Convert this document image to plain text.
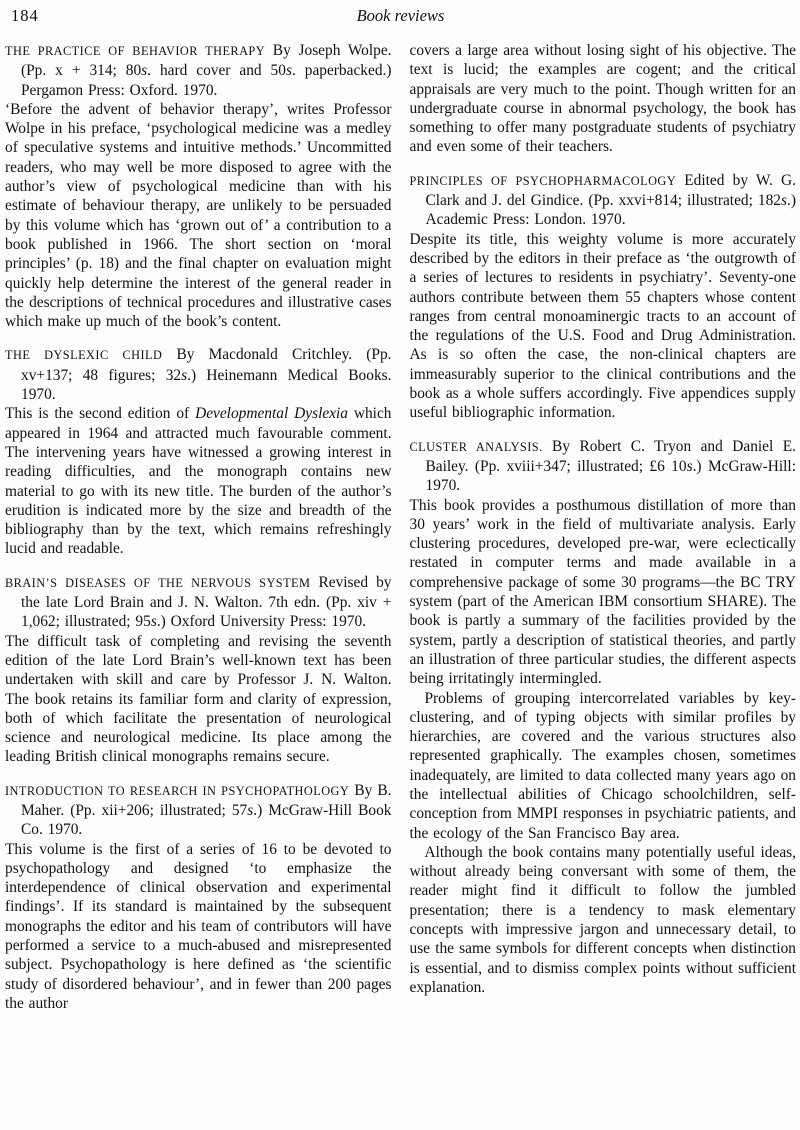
184	Book reviews

THE PRACTICE OF BEHAVIOR THERAPY By Joseph Wolpe. (Pp. x + 314; 80s. hard cover and 50s. paperbacked.) Pergamon Press: Oxford. 1970.

‘Before the advent of behavior therapy’, writes Professor Wolpe in his preface, ‘psychological medicine was a medley of speculative systems and intuitive methods.’ Uncommitted readers, who may well be more disposed to agree with the author’s view of psychological medicine than with his estimate of behaviour therapy, are unlikely to be persuaded by this volume which has ‘grown out of’ a contribution to a book published in 1966. The short section on ‘moral principles’ (p. 18) and the final chapter on evaluation might quickly help determine the interest of the general reader in the descriptions of technical procedures and illustrative cases which make up much of the book’s content.

THE DYSLEXIC CHILD By Macdonald Critchley. (Pp. xv+137; 48 figures; 32s.) Heinemann Medical Books. 1970.

This is the second edition of Developmental Dyslexia which appeared in 1964 and attracted much favourable comment. The intervening years have witnessed a growing interest in reading difficulties, and the monograph contains new material to go with its new title. The burden of the author’s erudition is indicated more by the size and breadth of the bibliography than by the text, which remains refreshingly lucid and readable.

BRAIN’S DISEASES OF THE NERVOUS SYSTEM Revised by the late Lord Brain and J. N. Walton. 7th edn. (Pp. xiv + 1,062; illustrated; 95s.) Oxford University Press: 1970.

The difficult task of completing and revising the seventh edition of the late Lord Brain’s well-known text has been undertaken with skill and care by Professor J. N. Walton. The book retains its familiar form and clarity of expression, both of which facilitate the presentation of neurological science and neurological medicine. Its place among the leading British clinical monographs remains secure.

INTRODUCTION TO RESEARCH IN PSYCHOPATHOLOGY By B. Maher. (Pp. xii+206; illustrated; 57s.) McGraw-Hill Book Co. 1970.

This volume is the first of a series of 16 to be devoted to psychopathology and designed ‘to emphasize the interdependence of clinical observation and experimental findings’. If its standard is maintained by the subsequent monographs the editor and his team of contributors will have performed a service to a much-abused and misrepresented subject. Psychopathology is here defined as ‘the scientific study of disordered behaviour’, and in fewer than 200 pages the author

covers a large area without losing sight of his objective. The text is lucid; the examples are cogent; and the critical appraisals are very much to the point. Though written for an undergraduate course in abnormal psychology, the book has something to offer many postgraduate students of psychiatry and even some of their teachers.

PRINCIPLES OF PSYCHOPHARMACOLOGY Edited by W. G. Clark and J. del Gindice. (Pp. xxvi+814; illustrated; 182s.) Academic Press: London. 1970.

Despite its title, this weighty volume is more accurately described by the editors in their preface as ‘the outgrowth of a series of lectures to residents in psychiatry’. Seventy-one authors contribute between them 55 chapters whose content ranges from central monoaminergic tracts to an account of the regulations of the U.S. Food and Drug Administration. As is so often the case, the non-clinical chapters are immeasurably superior to the clinical contributions and the book as a whole suffers accordingly. Five appendices supply useful bibliographic information.

CLUSTER ANALYSIS. By Robert C. Tryon and Daniel E. Bailey. (Pp. xviii+347; illustrated; £6 10s.) McGraw-Hill: 1970.

This book provides a posthumous distillation of more than 30 years’ work in the field of multivariate analysis. Early clustering procedures, developed pre-war, were eclectically restated in computer terms and made available in a comprehensive package of some 30 programs—the BC TRY system (part of the American IBM consortium SHARE). The book is partly a summary of the facilities provided by the system, partly a description of statistical theories, and partly an illustration of three particular studies, the different aspects being irritatingly intermingled.

Problems of grouping intercorrelated variables by key-clustering, and of typing objects with similar profiles by hierarchies, are covered and the various structures also represented graphically. The examples chosen, sometimes inadequately, are limited to data collected many years ago on the intellectual abilities of Chicago schoolchildren, self-conception from MMPI responses in psychiatric patients, and the ecology of the San Francisco Bay area.

Although the book contains many potentially useful ideas, without already being conversant with some of them, the reader might find it difficult to follow the jumbled presentation; there is a tendency to mask elementary concepts with impressive jargon and unnecessary detail, to use the same symbols for different concepts when distinction is essential, and to dismiss complex points without sufficient explanation.
